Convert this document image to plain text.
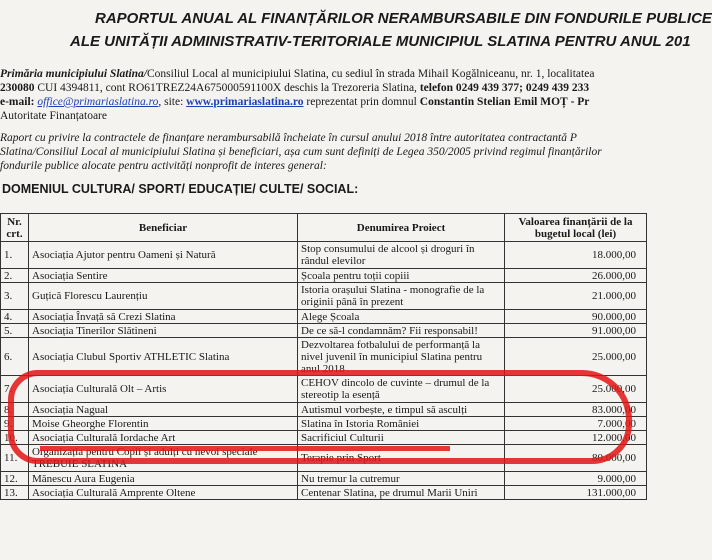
RAPORTUL ANUAL AL FINANȚĂRILOR NERAMBURSABILE DIN FONDURILE PUBLICE
ALE UNITĂȚII ADMINISTRATIV-TERITORIALE MUNICIPIUL SLATINA PENTRU ANUL 201
Primăria municipiului Slatina/Consiliul Local al municipiului Slatina, cu sediul în strada Mihail Kogălniceanu, nr. 1, localitatea
230080 CUI 4394811, cont RO61TREZ24A675000591100X deschis la Trezoreria Slatina, telefon 0249 439 377; 0249 439 233
e-mail: office@primariaslatina.ro, site: www.primariaslatina.ro reprezentat prin domnul Constantin Stelian Emil MOȚ - Pr
Autoritate Finanțatoare
Raport cu privire la contractele de finanțare nerambursabilă încheiate în cursul anului 2018 între autoritatea contractantă P
Slatina/Consiliul Local al municipiului Slatina și beneficiari, așa cum sunt definiți de Legea 350/2005 privind regimul finanțărilor
fondurile publice alocate pentru activități nonprofit de interes general:
DOMENIUL CULTURA/ SPORT/ EDUCAȚIE/ CULTE/ SOCIAL:
Nr. crt.	Beneficiar	Denumirea Proiect	Valoarea finanțării de la bugetul local (lei)
1.	Asociația Ajutor pentru Oameni și Natură	Stop consumului de alcool și droguri în rândul elevilor	18.000,00
2.	Asociația Sentire	Școala pentru toții copiii	26.000,00
3.	Guțică Florescu Laurențiu	Istoria orașului Slatina - monografie de la originii până în prezent	21.000,00
4.	Asociația Învață să Crezi Slatina	Alege Școala	90.000,00
5.	Asociația Tinerilor Slătineni	De ce să-l condamnăm? Fii responsabil!	91.000,00
6.	Asociația Clubul Sportiv ATHLETIC Slatina	Dezvoltarea fotbalului de performanță la nivel juvenil în municipiul Slatina pentru anul 2018	25.000,00
7.	Asociația Culturală Olt – Artis	CEHOV dincolo de cuvinte – drumul de la stereotip la esență	25.000,00
8.	Asociația Nagual	Autismul vorbește, e timpul să asculți	83.000,00
9.	Moise Gheorghe Florentin	Slatina în Istoria României	7.000,00
10.	Asociația Culturală Iordache Art	Sacrificiul Culturii	12.000,00
11.	Organizația pentru Copii și adulți cu nevoi speciale TREBUIE SLATINA	Terapie prin Sport	80.000,00
12.	Mănescu Aura Eugenia	Nu tremur la cutremur	9.000,00
13.	Asociația Culturală Amprente Oltene	Centenar Slatina, pe drumul Marii Uniri	131.000,00
